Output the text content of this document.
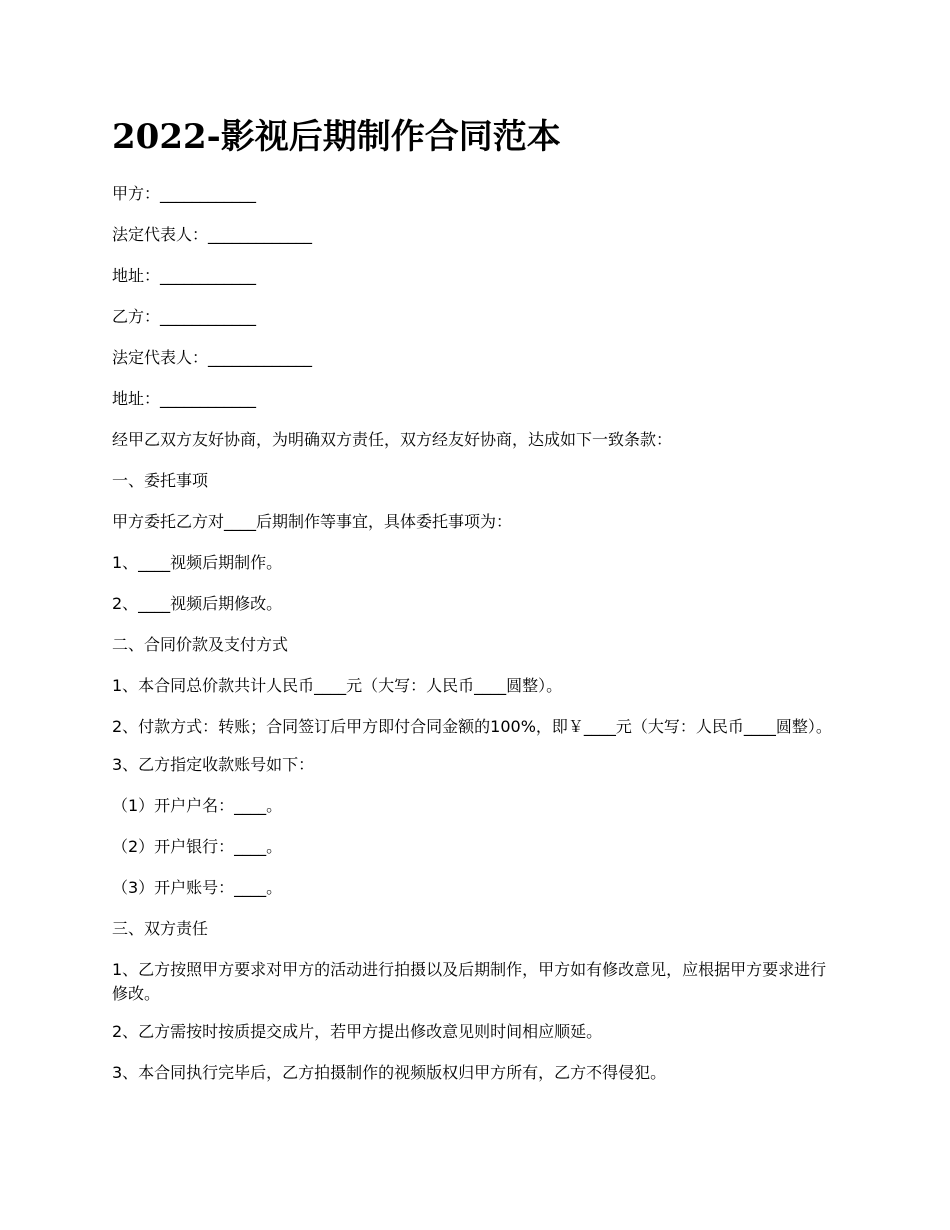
2022-影视后期制作合同范本

甲方：____________

法定代表人：_____________

地址：____________

乙方：____________

法定代表人：_____________

地址：____________

经甲乙双方友好协商，为明确双方责任，双方经友好协商，达成如下一致条款：

一、委托事项

甲方委托乙方对____后期制作等事宜，具体委托事项为：

1、____视频后期制作。

2、____视频后期修改。

二、合同价款及支付方式

1、本合同总价款共计人民币____元（大写：人民币____圆整）。

2、付款方式：转账；合同签订后甲方即付合同金额的100%，即￥____元（大写：人民币____圆整）。

3、乙方指定收款账号如下：

（1）开户户名：____。

（2）开户银行：____。

（3）开户账号：____。

三、双方责任

1、乙方按照甲方要求对甲方的活动进行拍摄以及后期制作，甲方如有修改意见，应根据甲方要求进行修改。

2、乙方需按时按质提交成片，若甲方提出修改意见则时间相应顺延。

3、本合同执行完毕后，乙方拍摄制作的视频版权归甲方所有，乙方不得侵犯。
